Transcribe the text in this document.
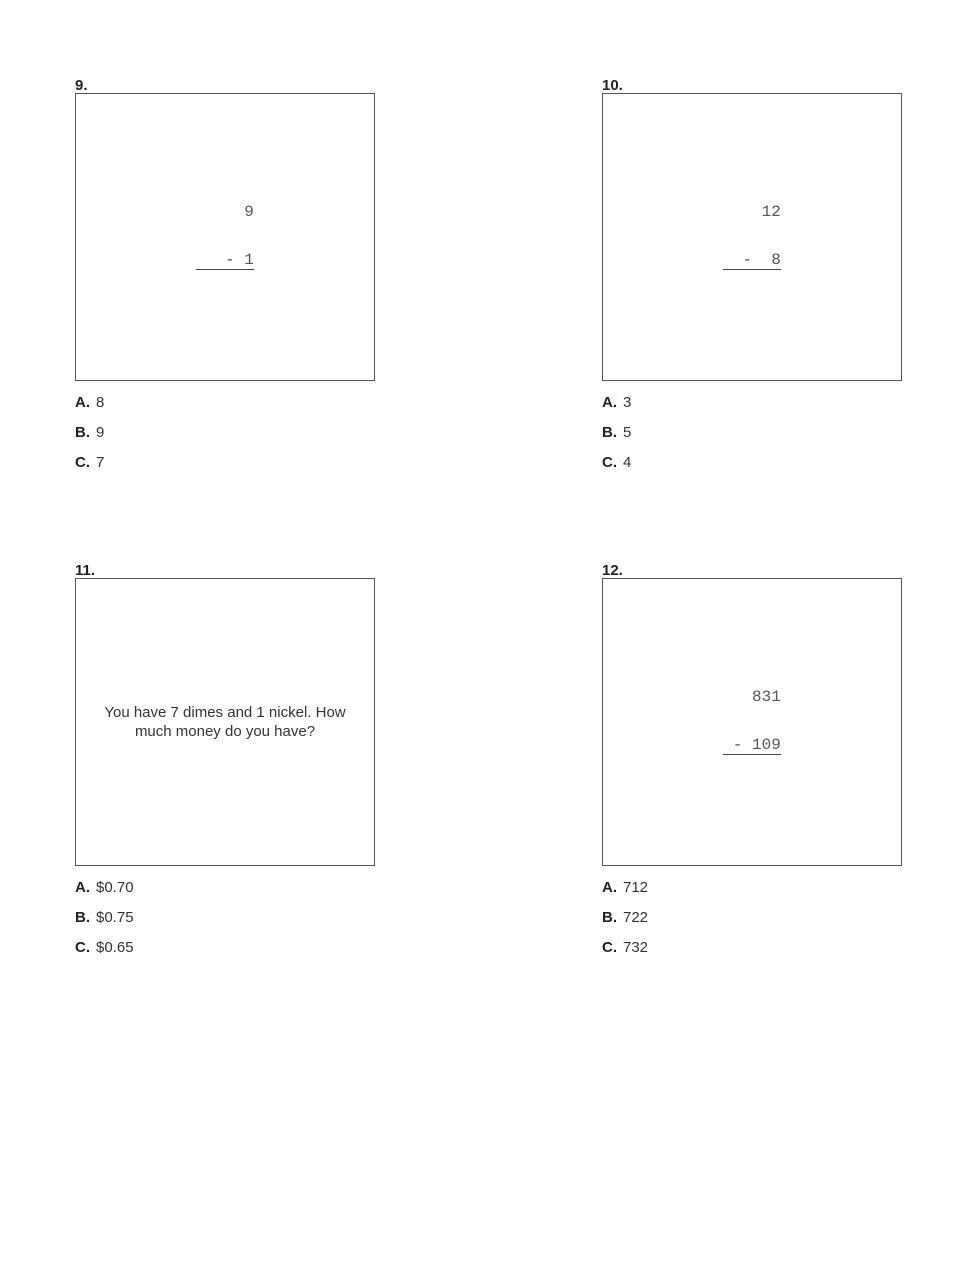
9.

9

- 1

A. 8
B. 9
C. 7
10.

12

-  8

A. 3
B. 5
C. 4
11.
You have 7 dimes and 1 nickel. How much money do you have?
A. $0.70
B. $0.75
C. $0.65
12.

831

- 109

A. 712
B. 722
C. 732
